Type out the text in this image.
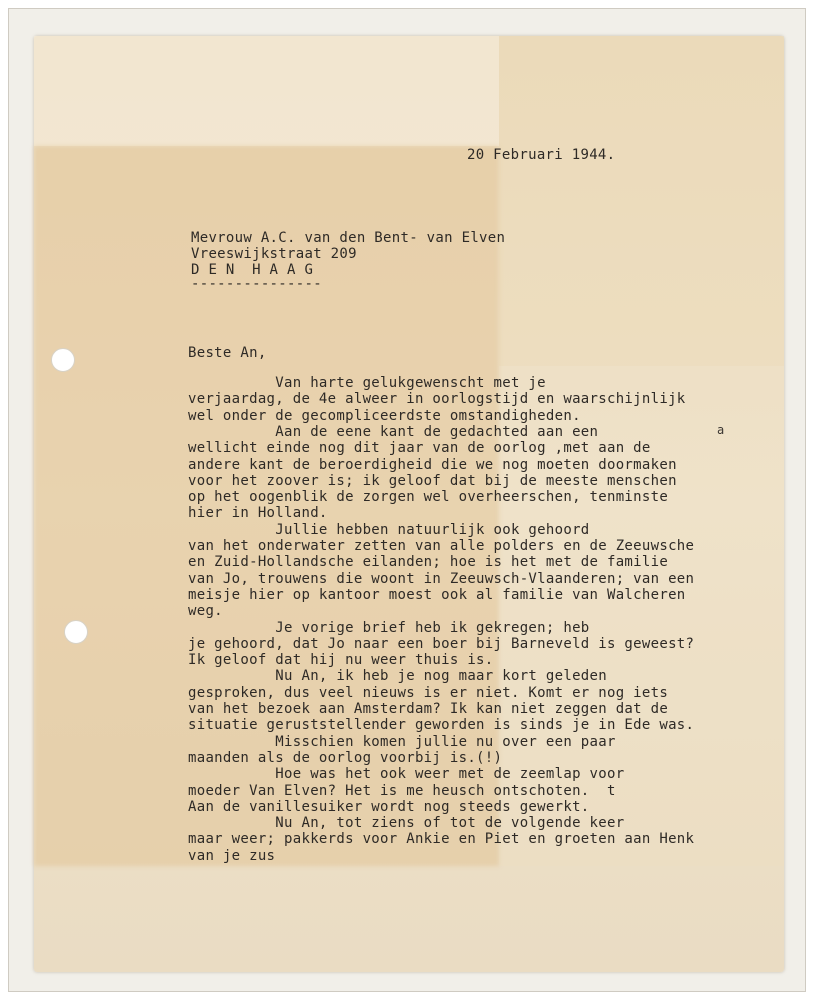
20 Februari 1944.
Mevrouw A.C. van den Bent- van Elven
Vreeswijkstraat 209
D E N  H A A G
---------------
Beste An,
Van harte gelukgewenscht met je
verjaardag, de 4e alweer in oorlogstijd en waarschijnlijk
wel onder de gecompliceerdste omstandigheden.
Aan de eene kant de gedachted aan een
wellicht einde nog dit jaar van de oorlog ,met aan de
andere kant de beroerdigheid die we nog moeten doormaken
voor het zoover is; ik geloof dat bij de meeste menschen
op het oogenblik de zorgen wel overheerschen, tenminste
hier in Holland.
Jullie hebben natuurlijk ook gehoord
van het onderwater zetten van alle polders en de Zeeuwsche
en Zuid-Hollandsche eilanden; hoe is het met de familie
van Jo, trouwens die woont in Zeeuwsch-Vlaanderen; van een
meisje hier op kantoor moest ook al familie van Walcheren
weg.
Je vorige brief heb ik gekregen; heb
je gehoord, dat Jo naar een boer bij Barneveld is geweest?
Ik geloof dat hij nu weer thuis is.
Nu An, ik heb je nog maar kort geleden
gesproken, dus veel nieuws is er niet. Komt er nog iets
van het bezoek aan Amsterdam? Ik kan niet zeggen dat de
situatie geruststellender geworden is sinds je in Ede was.
Misschien komen jullie nu over een paar
maanden als de oorlog voorbij is.(!)
Hoe was het ook weer met de zeemlap voor
moeder Van Elven? Het is me heusch ontschoten.  t
Aan de vanillesuiker wordt nog steeds gewerkt.
Nu An, tot ziens of tot de volgende keer
maar weer; pakkerds voor Ankie en Piet en groeten aan Henk
van je zus
a
